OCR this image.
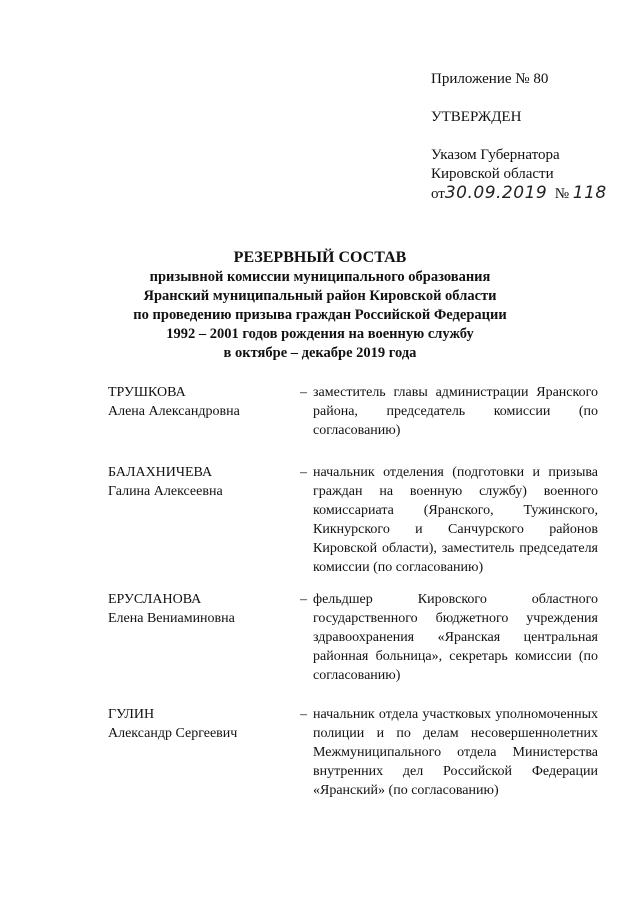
Приложение № 80
УТВЕРЖДЕН
Указом Губернатора
Кировской области
от30.09.2019 № 118
РЕЗЕРВНЫЙ СОСТАВ
призывной комиссии муниципального образования
Яранский муниципальный район Кировской области
по проведению призыва граждан Российской Федерации
1992 – 2001 годов рождения на военную службу
в октябре – декабре 2019 года
ТРУШКОВА
Алена Александровна
– заместитель главы администрации Яранского района, председатель комиссии (по согласованию)
БАЛАХНИЧЕВА
Галина Алексеевна
– начальник отделения (подготовки и призыва граждан на военную службу) военного комиссариата (Яранского, Тужинского, Кикнурского и Санчурского районов Кировской области), заместитель председателя комиссии (по согласованию)
ЕРУСЛАНОВА
Елена Вениаминовна
– фельдшер Кировского областного государственного бюджетного учреждения здравоохранения «Яранская центральная районная больница», секретарь комиссии (по согласованию)
ГУЛИН
Александр Сергеевич
– начальник отдела участковых уполномоченных полиции и по делам несовершеннолетних Межмуниципального отдела Министерства внутренних дел Российской Федерации «Яранский» (по согласованию)
